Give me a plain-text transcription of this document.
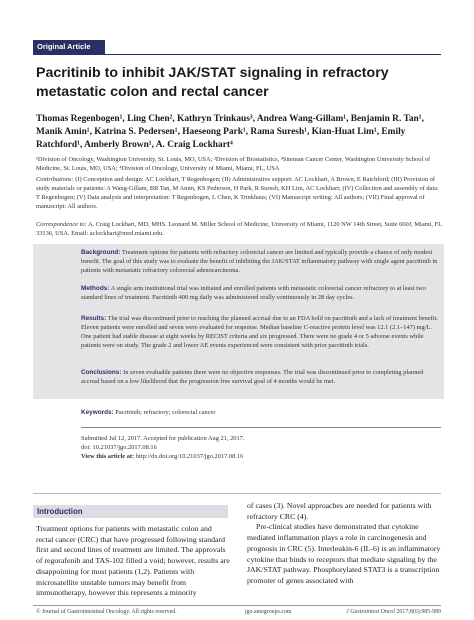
Original Article
Pacritinib to inhibit JAK/STAT signaling in refractory metastatic colon and rectal cancer
Thomas Regenbogen¹, Ling Chen², Kathryn Trinkaus³, Andrea Wang-Gillam¹, Benjamin R. Tan¹, Manik Amin¹, Katrina S. Pedersen¹, Haeseong Park¹, Rama Suresh¹, Kian-Huat Lim¹, Emily Ratchford¹, Amberly Brown¹, A. Craig Lockhart⁴
¹Division of Oncology, Washington University, St. Louis, MO, USA; ²Division of Biostatistics, ³Siteman Cancer Center, Washington University School of Medicine, St. Louis, MO, USA; ⁴Division of Oncology, University of Miami, Miami, FL, USA
Contributions: (I) Conception and design: AC Lockhart, T Regenbogen; (II) Administrative support: AC Lockhart, A Brown, E Ratchford; (III) Provision of study materials or patients: A Wang-Gillam, BR Tan, M Amin, KS Pederson, H Park, R Suresh, KH Lim, AC Lockhart; (IV) Collection and assembly of data: T Regenbogen; (V) Data analysis and interpretation: T Regenbogen, L Chen, K Trinkhaus; (VI) Manuscript writing: All authors; (VII) Final approval of manuscript: All authors.
Correspondence to: A. Craig Lockhart, MD, MHS. Leonard M. Miller School of Medicine, University of Miami, 1120 NW 14th Street, Suite 660J, Miami, FL 33136, USA. Email: aclockhart@med.miami.edu.
Background: Treatment options for patients with refractory colorectal cancer are limited and typically provide a chance of only modest benefit. The goal of this study was to evaluate the benefit of inhibiting the JAK/STAT inflammatory pathway with single agent pacritinib in patients with metastatic refractory colorectal adenocarcinoma.
Methods: A single arm institutional trial was initiated and enrolled patients with metastatic colorectal cancer refractory to at least two standard lines of treatment. Pacritinib 400 mg daily was administered orally continuously in 28 day cycles.
Results: The trial was discontinued prior to reaching the planned accrual due to an FDA hold on pacritinib and a lack of treatment benefit. Eleven patients were enrolled and seven were evaluated for response. Median baseline C-reactive protein level was 12.1 (2.1–147) mg/L. One patient had stable disease at eight weeks by RECIST criteria and six progressed. There were no grade 4 or 5 adverse events while patients were on study. The grade 2 and lower AE events experienced were consistent with prior pacritinib trials.
Conclusions: In seven evaluable patients there were no objective responses. The trial was discontinued prior to completing planned accrual based on a low likelihood that the progression free survival goal of 4 months would be met.
Keywords: Pacritinib; refractory; colorectal cancer
Submitted Jul 12, 2017. Accepted for publication Aug 21, 2017.
doi: 10.21037/jgo.2017.08.16
View this article at: http://dx.doi.org/10.21037/jgo.2017.08.16
Introduction
Treatment options for patients with metastatic colon and rectal cancer (CRC) that have progressed following standard first and second lines of treatment are limited. The approvals of regorafenib and TAS-102 filled a void; however, results are disappointing for most patients (1,2). Patients with microsatellite unstable tumors may benefit from immunotherapy, however this represents a minority
of cases (3). Novel approaches are needed for patients with refractory CRC (4).
Pre-clinical studies have demonstrated that cytokine mediated inflammation plays a role in carcinogenesis and prognosis in CRC (5). Interleukin-6 (IL-6) is an inflammatory cytokine that binds to receptors that mediate signaling by the JAK/STAT pathway. Phosphorylated STAT3 is a transcription promoter of genes associated with
© Journal of Gastrointestinal Oncology. All rights reserved.	jgo.amegroups.com	J Gastrointest Oncol 2017;8(6):985-989
